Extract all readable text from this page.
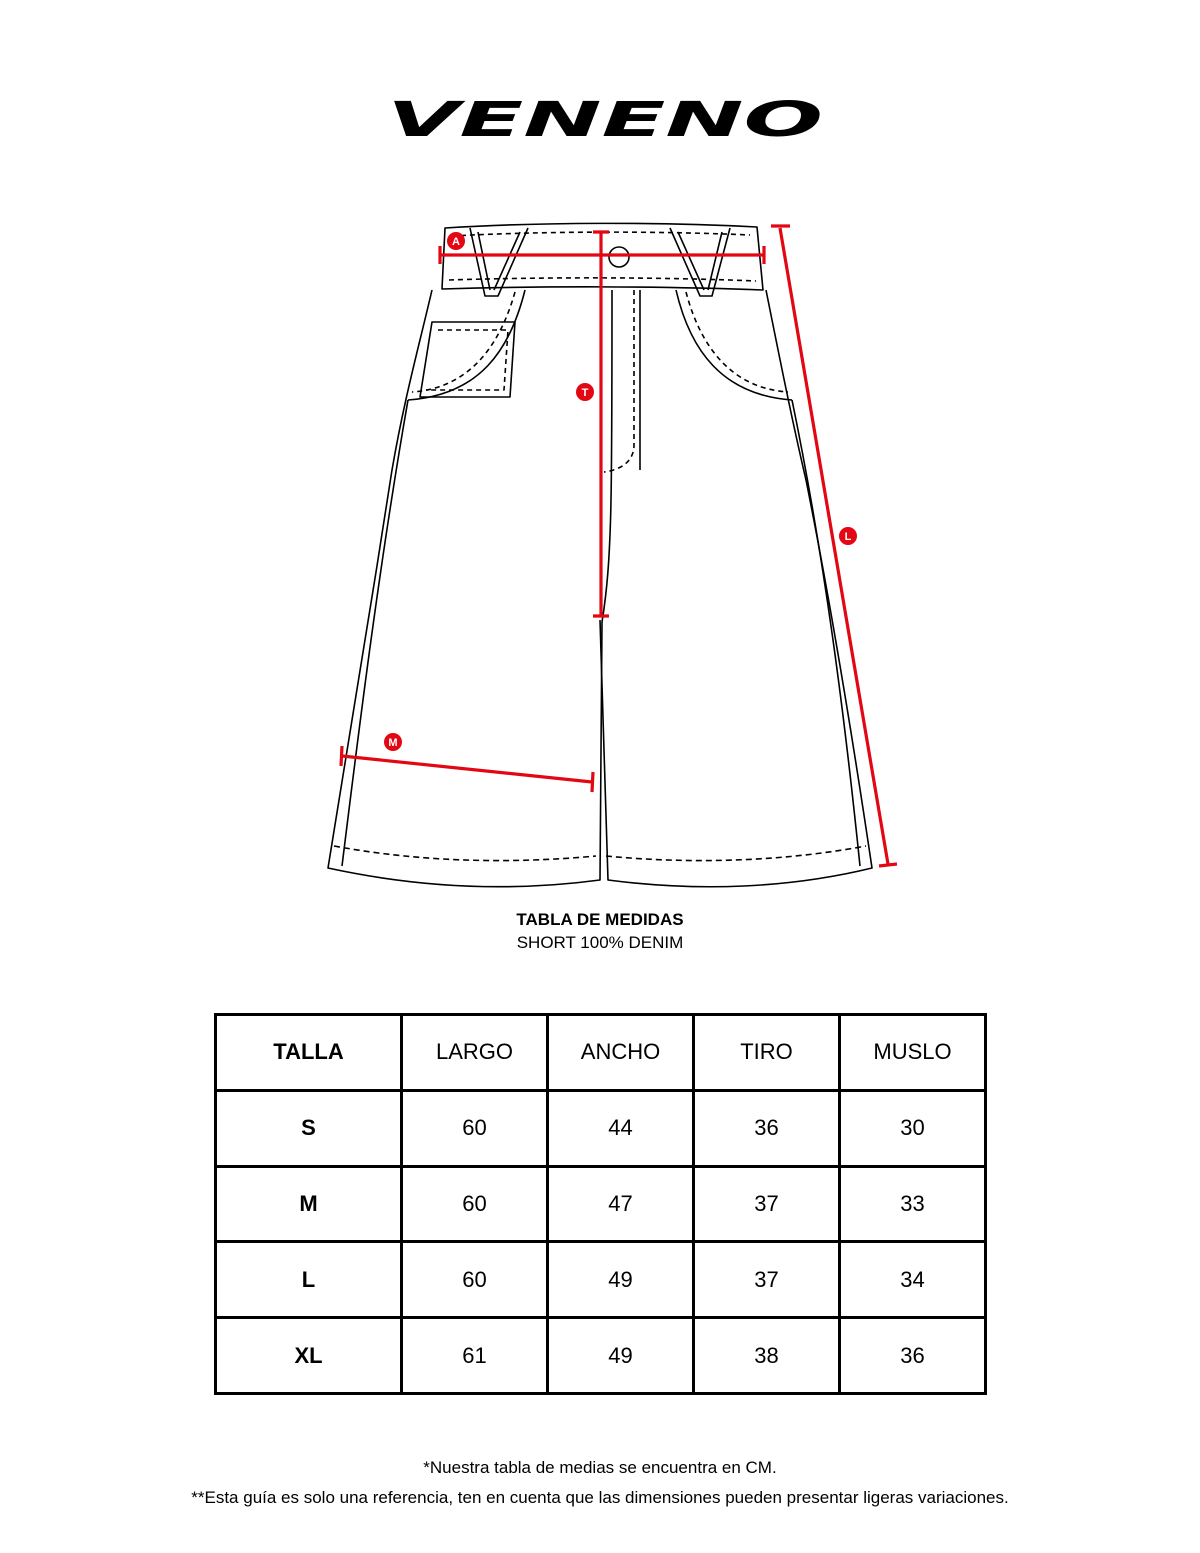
VENENO
A
T
L
M
TABLA DE MEDIDAS
SHORT 100% DENIM
TALLA	LARGO	ANCHO	TIRO	MUSLO
S	60	44	36	30
M	60	47	37	33
L	60	49	37	34
XL	61	49	38	36
*Nuestra tabla de medias se encuentra en CM.
**Esta guía es solo una referencia, ten en cuenta que las dimensiones pueden presentar ligeras variaciones.
